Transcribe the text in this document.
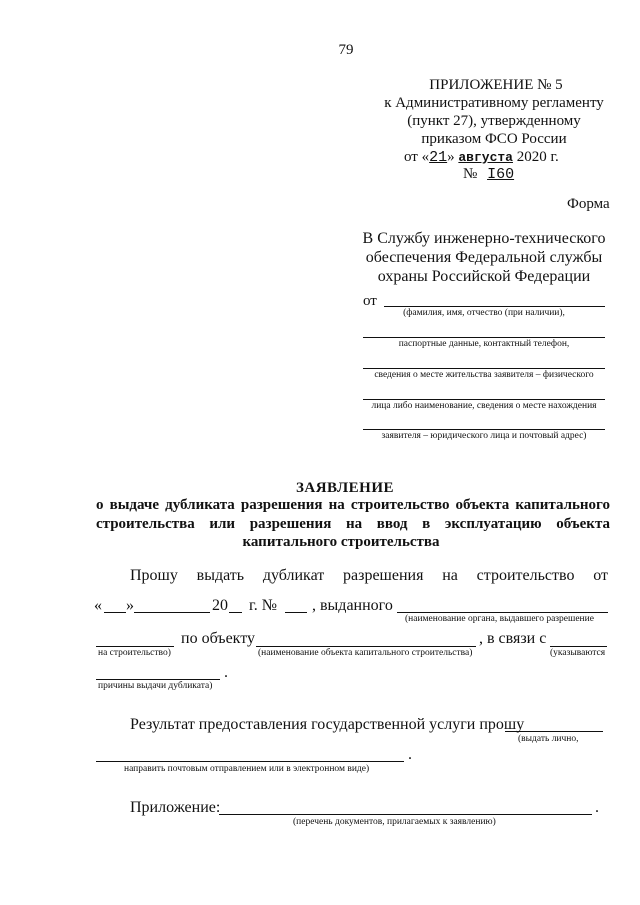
79
ПРИЛОЖЕНИЕ № 5
к Административному регламенту
(пункт 27), утвержденному
приказом ФСО России
от «21» августа 2020 г.
№ I60
Форма
В Службу инженерно-технического
обеспечения Федеральной службы
охраны Российской Федерации
от
(фамилия, имя, отчество (при наличии),
паспортные данные, контактный телефон,
сведения о месте жительства заявителя – физического
лица либо наименование, сведения о месте нахождения
заявителя – юридического лица и почтовый адрес)
ЗАЯВЛЕНИЕ
о выдаче дубликата разрешения на строительство объекта капитального
строительства или разрешения на ввод в эксплуатацию объекта
капитального строительства
Прошу выдать дубликат разрешения на строительство от
« »	20 г. № , выданного
(наименование органа, выдавшего разрешение
по объекту	, в связи с
на строительство)	(наименование объекта капитального строительства)	(указываются
.
причины выдачи дубликата)
Результат предоставления государственной услуги прошу
(выдать лично,
.
направить почтовым отправлением или в электронном виде)
Приложение:	.
(перечень документов, прилагаемых к заявлению)
